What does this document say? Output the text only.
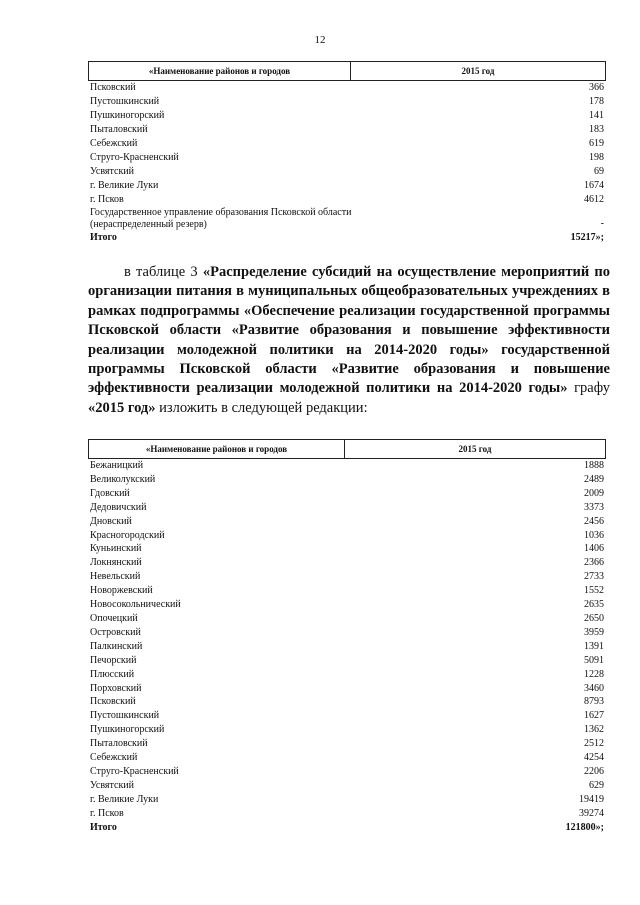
12
«Наименование районов и городов	2015 год
Псковский	366
Пустошкинский	178
Пушкиногорский	141
Пыталовский	183
Себежский	619
Струго-Красненский	198
Усвятский	69
г. Великие Луки	1674
г. Псков	4612
Государственное управление образования Псковской области (нераспределенный резерв)	-
Итого	15217»;
в таблице 3 «Распределение субсидий на осуществление мероприятий по организации питания в муниципальных общеобразовательных учреждениях в рамках подпрограммы «Обеспечение реализации государственной программы Псковской области «Развитие образования и повышение эффективности реализации молодежной политики на 2014-2020 годы» государственной программы Псковской области «Развитие образования и повышение эффективности реализации молодежной политики на 2014-2020 годы» графу «2015 год» изложить в следующей редакции:
«Наименование районов и городов	2015 год
Бежаницкий	1888
Великолукский	2489
Гдовский	2009
Дедовичский	3373
Дновский	2456
Красногородский	1036
Куньинский	1406
Локнянский	2366
Невельский	2733
Новоржевский	1552
Новосокольнический	2635
Опочецкий	2650
Островский	3959
Палкинский	1391
Печорский	5091
Плюсский	1228
Порховский	3460
Псковский	8793
Пустошкинский	1627
Пушкиногорский	1362
Пыталовский	2512
Себежский	4254
Струго-Красненский	2206
Усвятский	629
г. Великие Луки	19419
г. Псков	39274
Итого	121800»;
